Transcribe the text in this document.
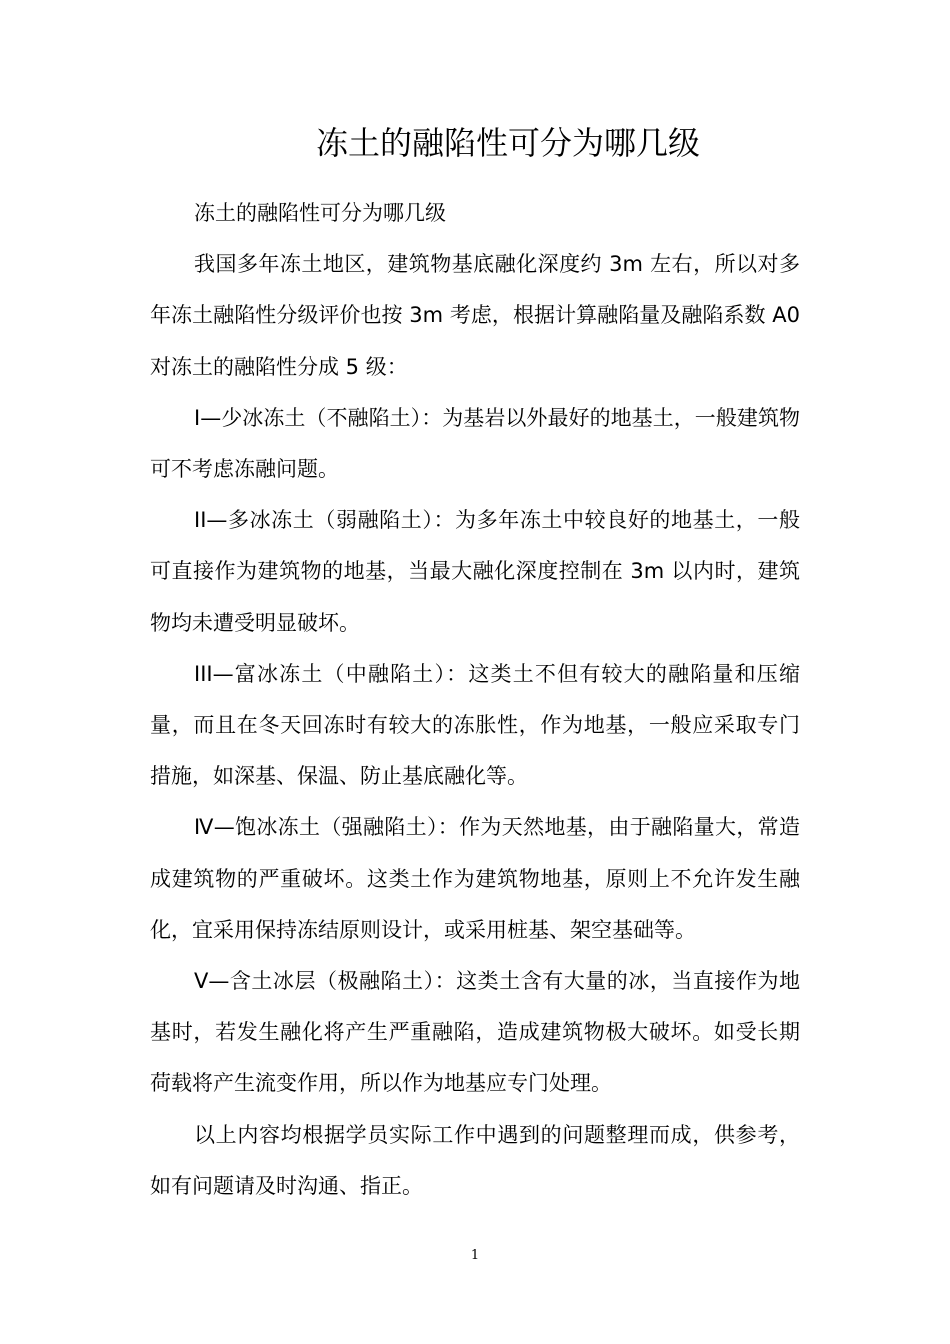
冻土的融陷性可分为哪几级

冻土的融陷性可分为哪几级

我国多年冻土地区，建筑物基底融化深度约 3m 左右，所以对多年冻土融陷性分级评价也按 3m 考虑，根据计算融陷量及融陷系数 A0 对冻土的融陷性分成 5 级：

I—少冰冻土（不融陷土）：为基岩以外最好的地基土，一般建筑物可不考虑冻融问题。

II—多冰冻土（弱融陷土）：为多年冻土中较良好的地基土，一般可直接作为建筑物的地基，当最大融化深度控制在 3m 以内时，建筑物均未遭受明显破坏。

III—富冰冻土（中融陷土）：这类土不但有较大的融陷量和压缩量，而且在冬天回冻时有较大的冻胀性，作为地基，一般应采取专门措施，如深基、保温、防止基底融化等。

Ⅳ—饱冰冻土（强融陷土）：作为天然地基，由于融陷量大，常造成建筑物的严重破坏。这类土作为建筑物地基，原则上不允许发生融化，宜采用保持冻结原则设计，或采用桩基、架空基础等。

V—含土冰层（极融陷土）：这类土含有大量的冰，当直接作为地基时，若发生融化将产生严重融陷，造成建筑物极大破坏。如受长期荷载将产生流变作用，所以作为地基应专门处理。

以上内容均根据学员实际工作中遇到的问题整理而成，供参考，如有问题请及时沟通、指正。

1
